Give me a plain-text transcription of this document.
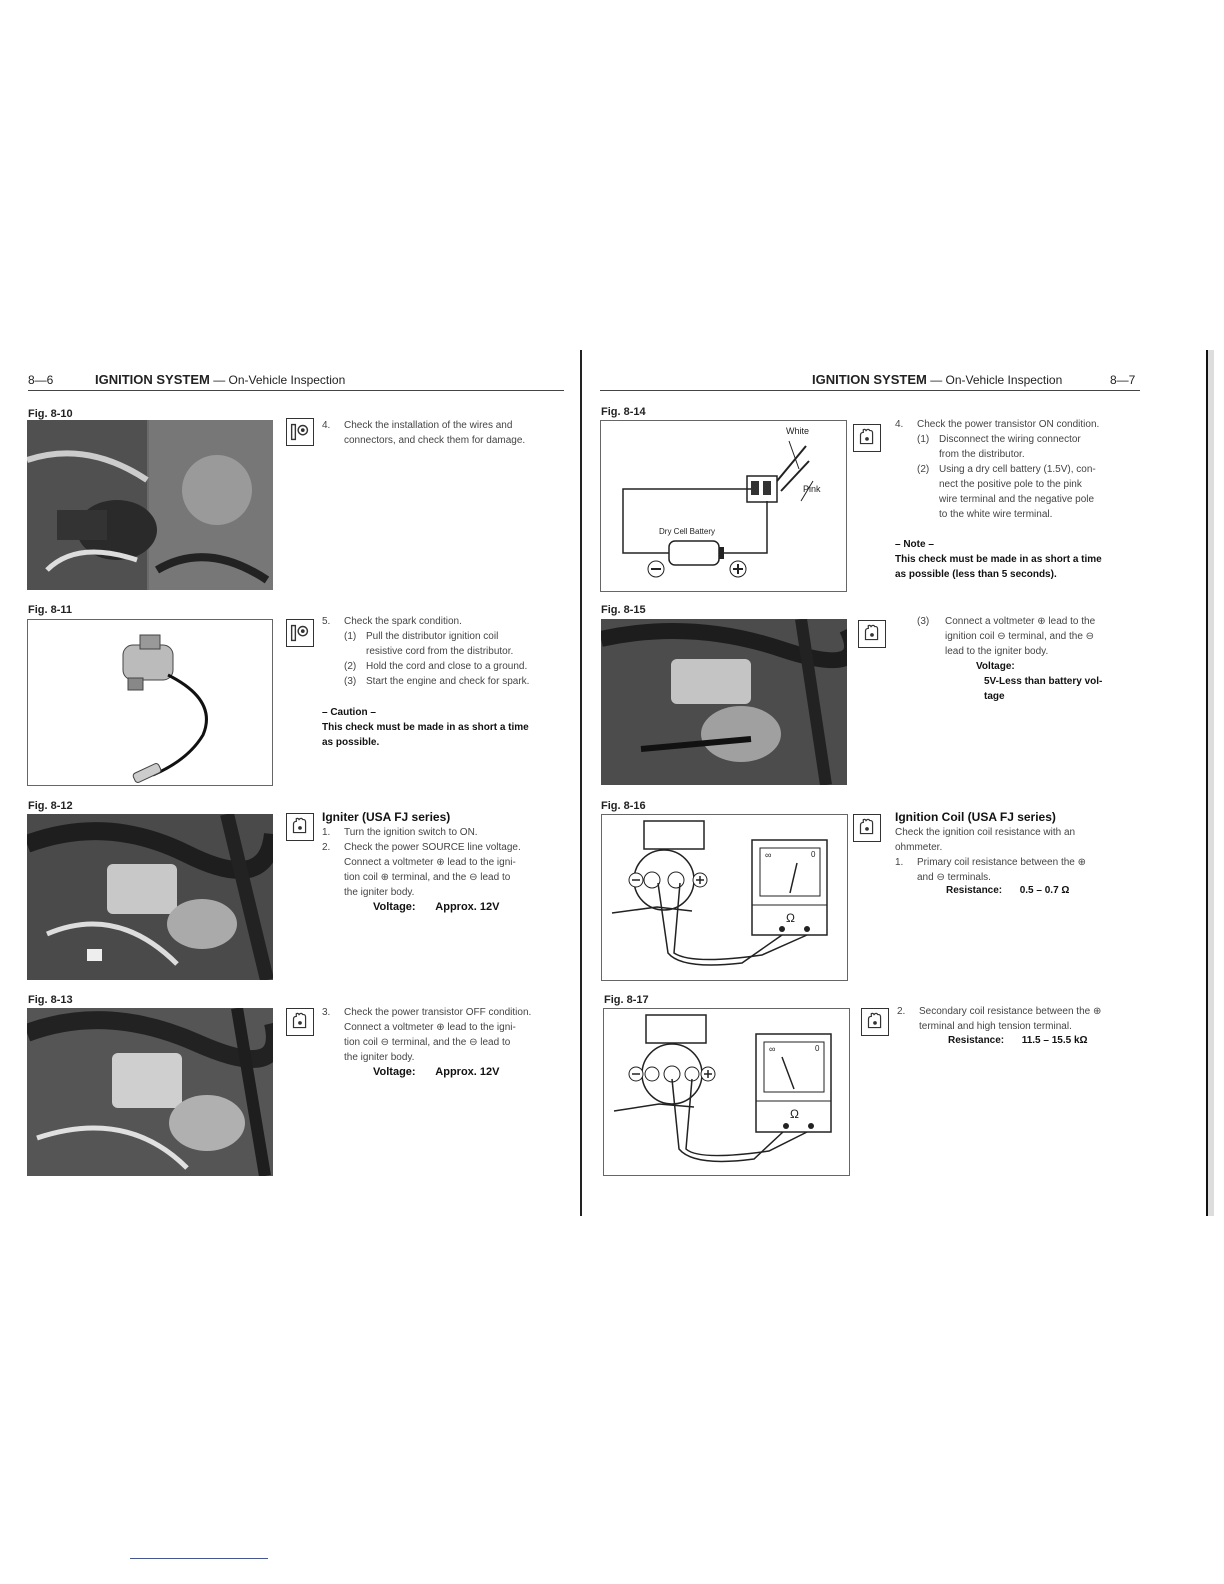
8—6	IGNITION SYSTEM — On-Vehicle Inspection
Fig. 8-10
4. Check the installation of the wires and
connectors, and check them for damage.
Fig. 8-11
5. Check the spark condition.
(1) Pull the distributor ignition coil
resistive cord from the distributor.
(2) Hold the cord and close to a ground.
(3) Start the engine and check for spark.
– Caution –
This check must be made in as short a time
as possible.
Fig. 8-12
Igniter (USA FJ series)
1. Turn the ignition switch to ON.
2. Check the power SOURCE line voltage.
Connect a voltmeter ⊕ lead to the igni-
tion coil ⊕ terminal, and the ⊖ lead to
the igniter body.
Voltage: Approx. 12V
Fig. 8-13
3. Check the power transistor OFF condition.
Connect a voltmeter ⊕ lead to the igni-
tion coil ⊖ terminal, and the ⊖ lead to
the igniter body.
Voltage: Approx. 12V
IGNITION SYSTEM — On-Vehicle Inspection	8—7
Fig. 8-14
White
Pink
Dry Cell Battery
4. Check the power transistor ON condition.
(1) Disconnect the wiring connector
from the distributor.
(2) Using a dry cell battery (1.5V), con-
nect the positive pole to the pink
wire terminal and the negative pole
to the white wire terminal.
– Note –
This check must be made in as short a time
as possible (less than 5 seconds).
Fig. 8-15
(3) Connect a voltmeter ⊕ lead to the
ignition coil ⊖ terminal, and the ⊖
lead to the igniter body.
Voltage:
5V-Less than battery vol-
tage
Fig. 8-16
∞	0
Ω
Ignition Coil (USA FJ series)
Check the ignition coil resistance with an
ohmmeter.
1. Primary coil resistance between the ⊕
and ⊖ terminals.
Resistance: 0.5 – 0.7 Ω
Fig. 8-17
∞	0
Ω
2. Secondary coil resistance between the ⊕
terminal and high tension terminal.
Resistance: 11.5 – 15.5 kΩ
